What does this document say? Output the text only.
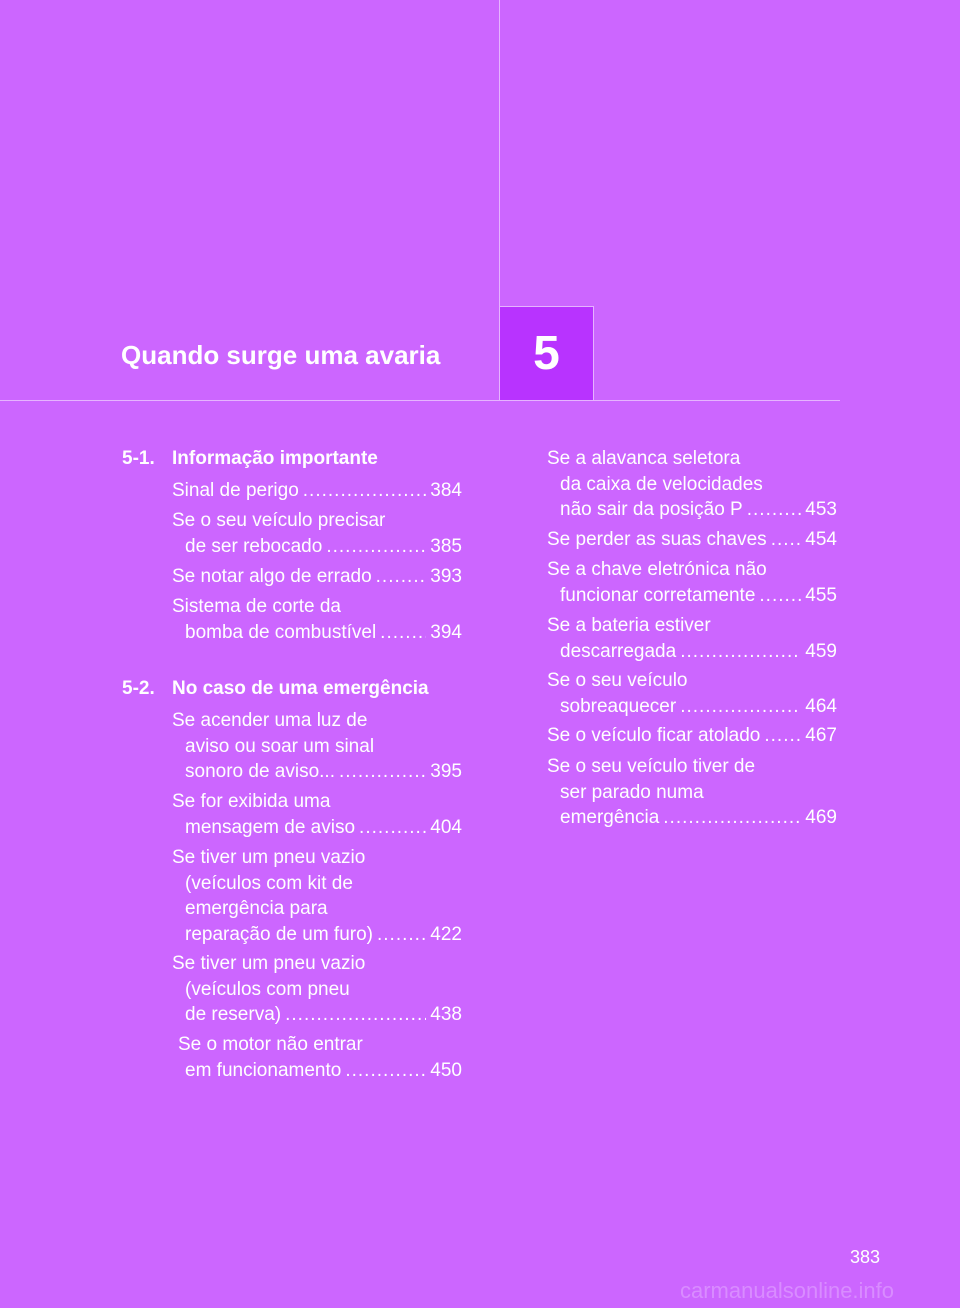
Quando surge uma avaria 5
5-1. Informação importante
5-2. No caso de uma emergência
Sinal de perigo .....	384
Se o seu veículo precisar
de ser rebocado .....	385
Se notar algo de errado .....	393
Sistema de corte da
bomba de combustível .....	394
Se acender uma luz de
aviso ou soar um sinal
sonoro de aviso... .....	395
Se for exibida uma
mensagem de aviso .....	404
Se tiver um pneu vazio
(veículos com kit de
emergência para
reparação de um furo) .....	422
Se tiver um pneu vazio
(veículos com pneu
de reserva) .....	438
Se o motor não entrar
em funcionamento .....	450
Se a alavanca seletora
da caixa de velocidades
não sair da posição P .....	453
Se perder as suas chaves ..... 454
Se a chave eletrónica não
funcionar corretamente .....	455
Se a bateria estiver
descarregada .....	459
Se o seu veículo
sobreaquecer .....	464
Se o veículo ficar atolado ..... 467
Se o seu veículo tiver de
ser parado numa
emergência .....	469
383
carmanualsonline.info
